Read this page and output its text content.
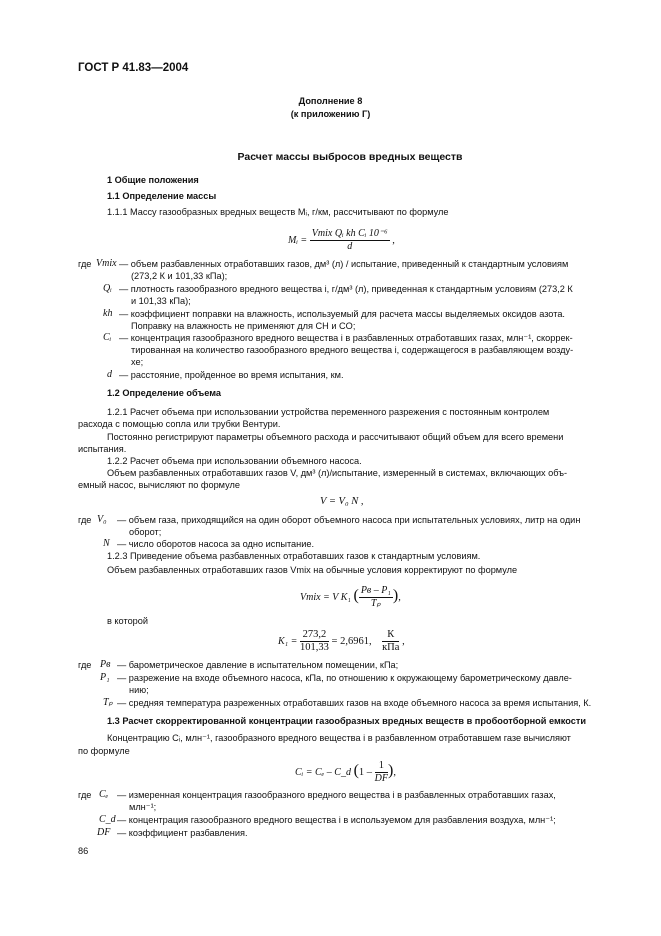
ГОСТ Р 41.83—2004
Дополнение 8
(к приложению Г)
Расчет массы выбросов вредных веществ
1 Общие положения
1.1 Определение массы
1.1.1 Массу газообразных вредных веществ Mᵢ, г/км, рассчитывают по формуле
Mᵢ = $\frac{\text{Vmix Qᵢ kh Cᵢ 10⁻⁶}}{d}$ ,
где Vmix — объем разбавленных отработавших газов, дм³ (л) / испытание, приведенный к стандартным условиям
(273,2 К и 101,33 кПа);
Qᵢ — плотность газообразного вредного вещества i, г/дм³ (л), приведенная к стандартным условиям (273,2 К
и 101,33 кПа);
kh — коэффициент поправки на влажность, используемый для расчета массы выделяемых оксидов азота.
Поправку на влажность не применяют для CH и CO;
Cᵢ — концентрация газообразного вредного вещества i в разбавленных отработавших газах, млн⁻¹, скоррек-
тированная на количество газообразного вредного вещества i, содержащегося в разбавляющем возду-
хе;
d — расстояние, пройденное во время испытания, км.
1.2 Определение объема
1.2.1 Расчет объема при использовании устройства переменного разрежения с постоянным контролем
расхода с помощью сопла или трубки Вентури.
Постоянно регистрируют параметры объемного расхода и рассчитывают общий объем для всего времени
испытания.
1.2.2 Расчет объема при использовании объемного насоса.
Объем разбавленных отработавших газов V, дм³ (л)/испытание, измеренный в системах, включающих объ-
емный насос, вычисляют по формуле
V = V₀ N ,
где V₀ — объем газа, приходящийся на один оборот объемного насоса при испытательных условиях, литр на один
оборот;
N — число оборотов насоса за одно испытание.
1.2.3 Приведение объема разбавленных отработавших газов к стандартным условиям.
Объем разбавленных отработавших газов Vmix на обычные условия корректируют по формуле
Vmix = V K₁ ( $\frac{\text{Pв – P₁}}{\text{Tₚ}}$ ),
в которой
$K_1 = \frac{273,2}{101,33} = 2,6961$, $\frac{К}{\text{кПа}}$ ,
где Pв — барометрическое давление в испытательном помещении, кПа;
P₁ — разрежение на входе объемного насоса, кПа, по отношению к окружающему барометрическому давле-
нию;
Tₚ — средняя температура разреженных отработавших газов на входе объемного насоса за время испытания, К.
1.3 Расчет скорректированной концентрации газообразных вредных веществ в пробоотборной емкости
Концентрацию Cᵢ, млн⁻¹, газообразного вредного вещества i в разбавленном отработавшем газе вычисляют
по формуле
Cᵢ = Cₑ – C_d ($1 - \frac{1}{DF}$ ),
где Cₑ — измеренная концентрация газообразного вредного вещества i в разбавленных отработавших газах,
млн⁻¹;
C_d — концентрация газообразного вредного вещества i в используемом для разбавления воздуха, млн⁻¹;
DF — коэффициент разбавления.
86
